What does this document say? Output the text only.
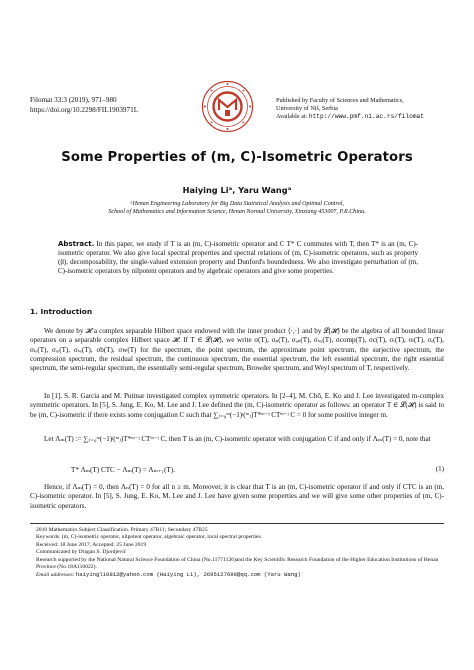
Filomat 33:3 (2019), 971–980
https://doi.org/10.2298/FIL1903971L
Published by Faculty of Sciences and Mathematics,
University of Niš, Serbia
Available at: http://www.pmf.ni.ac.rs/filomat
Some Properties of (m, C)-Isometric Operators
Haiying Liᵃ, Yaru Wangᵃ
ᵃHenan Engineering Laboratory for Big Data Statistical Analysis and Optimal Control,
School of Mathematics and Information Science, Henan Normal University, Xinxiang 453007, P.R.China.
Abstract. In this paper, we study if T is an (m, C)-isometric operator and C T* C commutes with T, then T* is an (m, C)-isometric operator. We also give local spectral properties and spectral relations of (m, C)-isometric operators, such as property (β), decomposability, the single-valued extension property and Dunford's boundedness. We also investigate perturbation of (m, C)-isometric operators by nilpotent operators and by algebraic operators and give some properties.
1. Introduction
We denote by 𝓗 a complex separable Hilbert space endowed with the inner product ⟨·,·⟩ and by 𝓛(𝓗) be the algebra of all bounded linear operators on a separable complex Hilbert space 𝓗. If T ∈ 𝓛(𝓗), we write σ(T), σₚ(T), σₐₚ(T), σₛᵤ(T), σcomp(T), σc(T), σᵣ(T), σₗ(T), σₑ(T), σₗₑ(T), σᵣₑ(T), σₛₑ(T), σb(T), σw(T) for the spectrum, the point spectrum, the approximate point spectrum, the surjective spectrum, the compression spectrum, the residual spectrum, the continuous spectrum, the essential spectrum, the left essential spectrum, the right essential spectrum, the semi-regular spectrum, the essentially semi-regular spectrum, Browder spectrum, and Weyl spectrum of T, respectively.
In [1], S. R. Garcia and M. Putinar investigated complex symmetric operators. In [2–4], M. Chō, E. Ko and J. Lee investigated m-complex symmetric operators. In [5], S. Jung, E. Ko, M. Lee and J. Lee defined the (m, C)-isometric operator as follows: an operator T ∈ 𝓛(𝓗) is said to be (m, C)-isometric if there exists some conjugation C such that ∑ⱼ₌₀ᵐ(−1)ʲ(ᵐⱼ)T*ᵐ⁻ʲ CTᵐ⁻ʲ C = 0 for some positive integer m.
Let Λₘ(T) := ∑ⱼ₌₀ᵐ(−1)ʲ(ᵐⱼ)T*ᵐ⁻ʲ CTᵐ⁻ʲ C, then T is an (m, C)-isometric operator with conjugation C if and only if Λₘ(T) = 0, note that
T* Λₘ(T) CTC − Λₘ(T) = Λₘ₊₁(T).	(1)
Hence, if Λₘ(T) = 0, then Λₙ(T) = 0 for all n ≥ m. Moreover, it is clear that T is an (m, C)-isometric operator if and only if CTC is an (m, C)-isometric operator. In [5], S. Jung, E. Ko, M. Lee and J. Lee have given some properties and we will give some other properties of (m, C)-isometric operators.
2010 Mathematics Subject Classification. Primary 47B11; Secondary 47B25
Keywords. (m, C)-isometric operator, nilpotent operator, algebraic operator, local spectral properties.
Received: 18 June 2017; Accepted: 25 June 2019
Communicated by Dragan S. Djordjević
Research supported by the National Natural Science Foundation of China (No.11771126)and the Key Scientific Research Foundation of the Higher Education Institutions of Henan Province (No.18A110022).
Email addresses: haiyingli0812@yahoo.com (Haiying Li), 2695127698@qq.com (Yaru Wang)
